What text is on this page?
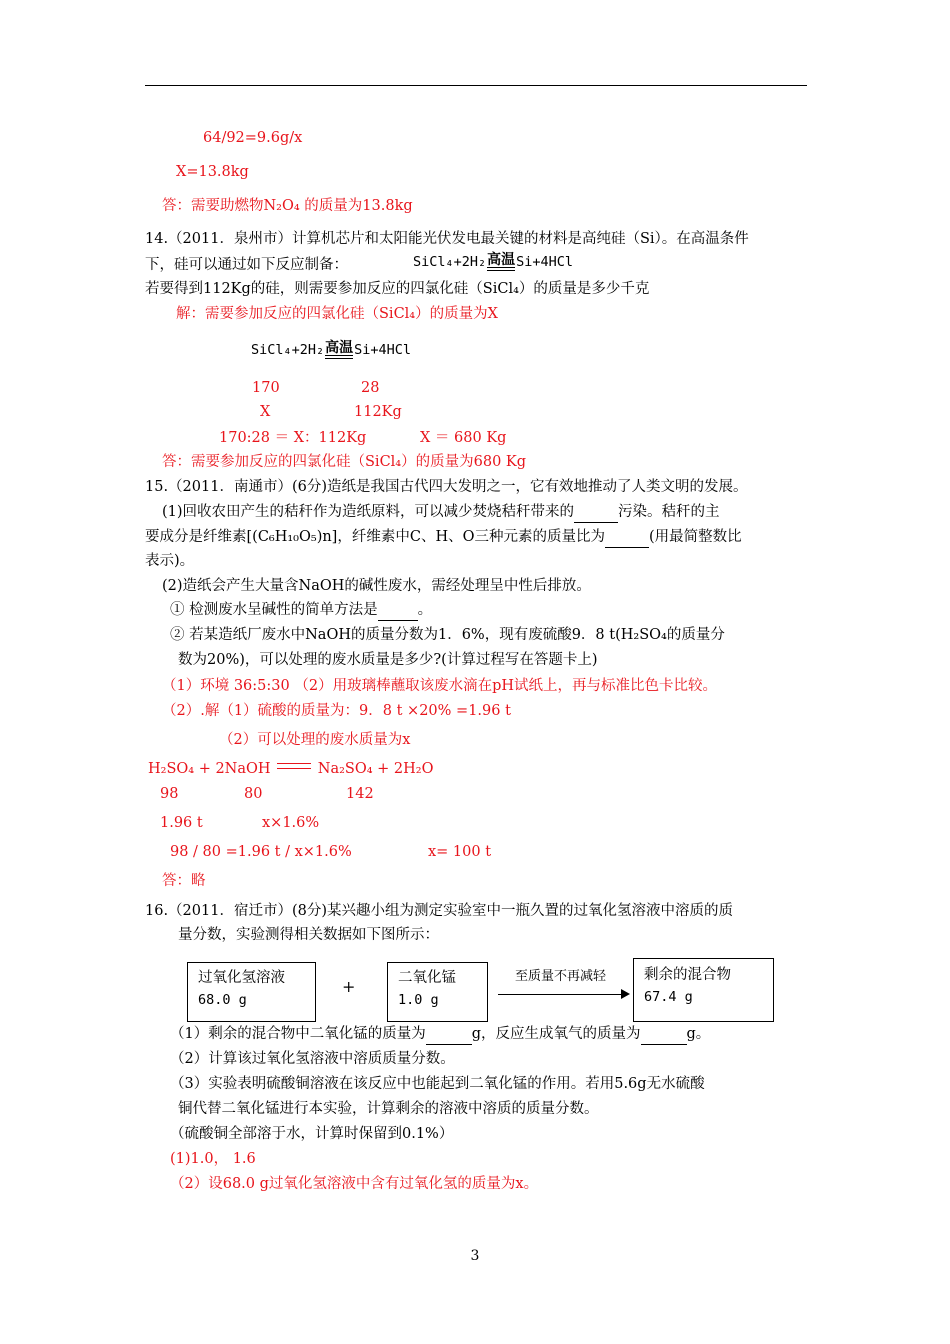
64/92=9.6g/x
X=13.8kg
答：需要助燃物N₂O₄ 的质量为13.8kg
14.（2011．泉州市）计算机芯片和太阳能光伏发电最关键的材料是高纯硅（Si）。在高温条件
下，硅可以通过如下反应制备：	SiCl₄+2H₂ 高温 Si+4HCl
若要得到112Kg的硅，则需要参加反应的四氯化硅（SiCl₄）的质量是多少千克
解：需要参加反应的四氯化硅（SiCl₄）的质量为X
SiCl₄+2H₂ 高温 Si+4HCl
170	28
X	112Kg
170:28 ＝ X：112Kg	X ＝ 680 Kg
答：需要参加反应的四氯化硅（SiCl₄）的质量为680 Kg
15.（2011．南通市）(6分)造纸是我国古代四大发明之一，它有效地推动了人类文明的发展。
(1)回收农田产生的秸秆作为造纸原料，可以减少焚烧秸秆带来的	污染。秸秆的主
要成分是纤维素[(C₆H₁₀O₅)n]，纤维素中C、H、O三种元素的质量比为	(用最简整数比
表示)。
(2)造纸会产生大量含NaOH的碱性废水，需经处理呈中性后排放。
① 检测废水呈碱性的简单方法是	。
② 若某造纸厂废水中NaOH的质量分数为1．6%，现有废硫酸9．8 t(H₂SO₄的质量分
数为20%)，可以处理的废水质量是多少?(计算过程写在答题卡上)
（1）环境 36:5:30 （2）用玻璃棒蘸取该废水滴在pH试纸上，再与标准比色卡比较。
（2）.解（1）硫酸的质量为：9．8 t ×20% =1.96 t
（2）可以处理的废水质量为x
H₂SO₄ + 2NaOH	Na₂SO₄ + 2H₂O
98	80	142
1.96 t	x×1.6%
98 / 80 =1.96 t / x×1.6%	x= 100 t
答：略
16.（2011．宿迁市）(8分)某兴趣小组为测定实验室中一瓶久置的过氧化氢溶液中溶质的质
量分数，实验测得相关数据如下图所示：
过氧化氢溶液
68.0 g
+	二氧化锰
1.0 g
至质量不再减轻	剩余的混合物
67.4 g
（1）剩余的混合物中二氧化锰的质量为	g，反应生成氧气的质量为	g。
（2）计算该过氧化氢溶液中溶质质量分数。
（3）实验表明硫酸铜溶液在该反应中也能起到二氧化锰的作用。若用5.6g无水硫酸
铜代替二氧化锰进行本实验，计算剩余的溶液中溶质的质量分数。
（硫酸铜全部溶于水，计算时保留到0.1%）
(1)1.0， 1.6
（2）设68.0 g过氧化氢溶液中含有过氧化氢的质量为x。
3
